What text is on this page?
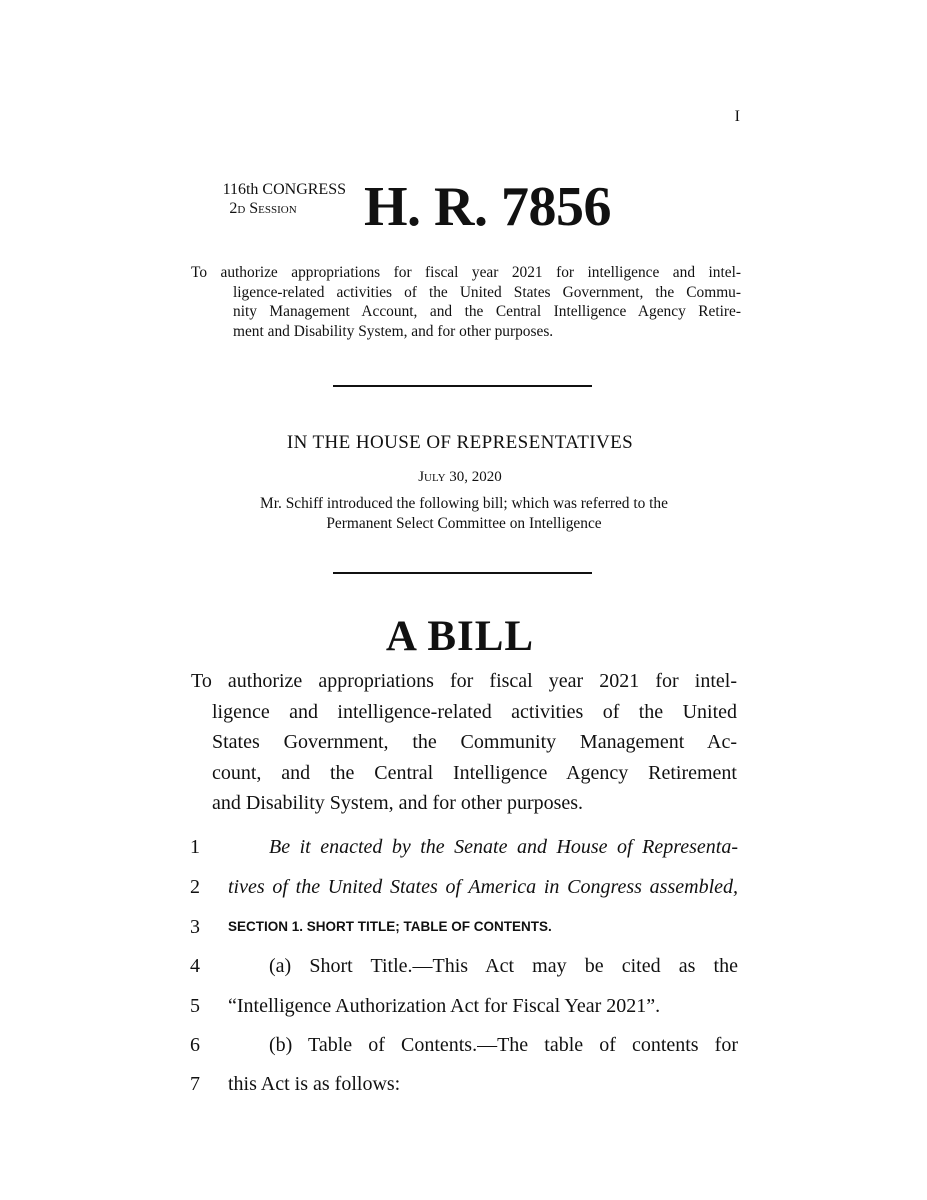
I
116th CONGRESS
2d Session	H. R. 7856
To authorize appropriations for fiscal year 2021 for intelligence and intel-
ligence-related activities of the United States Government, the Commu-
nity Management Account, and the Central Intelligence Agency Retire-
ment and Disability System, and for other purposes.
IN THE HOUSE OF REPRESENTATIVES
July 30, 2020
Mr. Schiff introduced the following bill; which was referred to the
Permanent Select Committee on Intelligence
A BILL
To authorize appropriations for fiscal year 2021 for intel-
ligence and intelligence-related activities of the United
States Government, the Community Management Ac-
count, and the Central Intelligence Agency Retirement
and Disability System, and for other purposes.
1	Be it enacted by the Senate and House of Representa-
2	tives of the United States of America in Congress assembled,
3	SECTION 1. SHORT TITLE; TABLE OF CONTENTS.
4	(a) Short Title.—This Act may be cited as the
5	“Intelligence Authorization Act for Fiscal Year 2021”.
6	(b) Table of Contents.—The table of contents for
7	this Act is as follows:
